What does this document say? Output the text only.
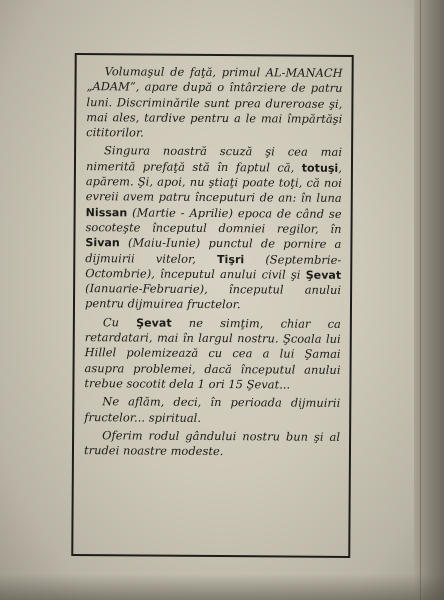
Volumaşul de faţă, primul AL-MANACH „ADAM”, apare după o întârziere de patru luni. Discriminările sunt prea dureroase şi, mai ales, tardive pentru a le mai împărtăşi cititorilor.

Singura noastră scuză şi cea mai nimerită prefaţă stă în faptul că, totuşi, apărem. Şi, apoi, nu ştiaţi poate toţi, că noi evreii avem patru începuturi de an: în luna Nissan (Martie - Aprilie) epoca de când se socoteşte începutul domniei regilor, în Sivan (Maiu-Iunie) punctul de pornire a dijmuirii vitelor, Tişri (Septembrie-Octombrie), începutul anului civil şi Şevat (Ianuarie-Februarie), începutul anului pentru dijmuirea fructelor.

Cu Şevat ne simţim, chiar ca retardatari, mai în largul nostru. Şcoala lui Hillel polemizează cu cea a lui Şamai asupra problemei, dacă începutul anului trebue socotit dela 1 ori 15 Şevat...

Ne aflăm, deci, în perioada dijmuirii fructelor... spiritual.

Oferim rodul gândului nostru bun şi al trudei noastre modeste.
